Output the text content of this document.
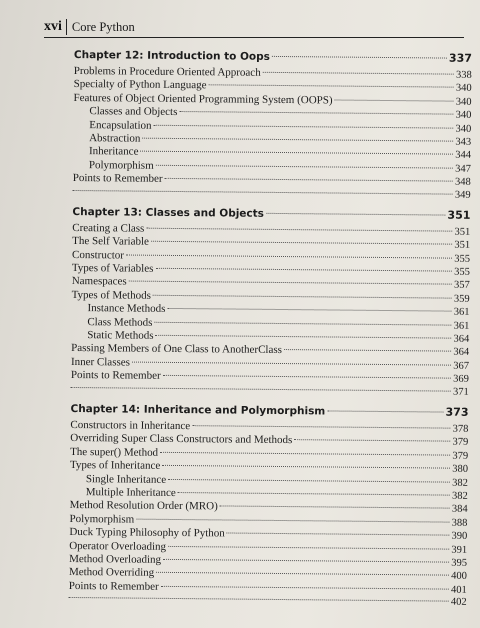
xvi Core Python
Chapter 12: Introduction to Oops	337
Problems in Procedure Oriented Approach	338
Specialty of Python Language	340
Features of Object Oriented Programming System (OOPS)	340
Classes and Objects	340
Encapsulation	340
Abstraction	343
Inheritance	344
Polymorphism	347
Points to Remember	348
349
Chapter 13: Classes and Objects	351
Creating a Class	351
The Self Variable	351
Constructor	355
Types of Variables	355
Namespaces	357
Types of Methods	359
Instance Methods	361
Class Methods	361
Static Methods	364
Passing Members of One Class to AnotherClass	364
Inner Classes	367
Points to Remember	369
371
Chapter 14: Inheritance and Polymorphism	373
Constructors in Inheritance	378
Overriding Super Class Constructors and Methods	379
The super() Method	379
Types of Inheritance	380
Single Inheritance	382
Multiple Inheritance	382
Method Resolution Order (MRO)	384
Polymorphism	388
Duck Typing Philosophy of Python	390
Operator Overloading	391
Method Overloading	395
Method Overriding	400
Points to Remember	401
402
